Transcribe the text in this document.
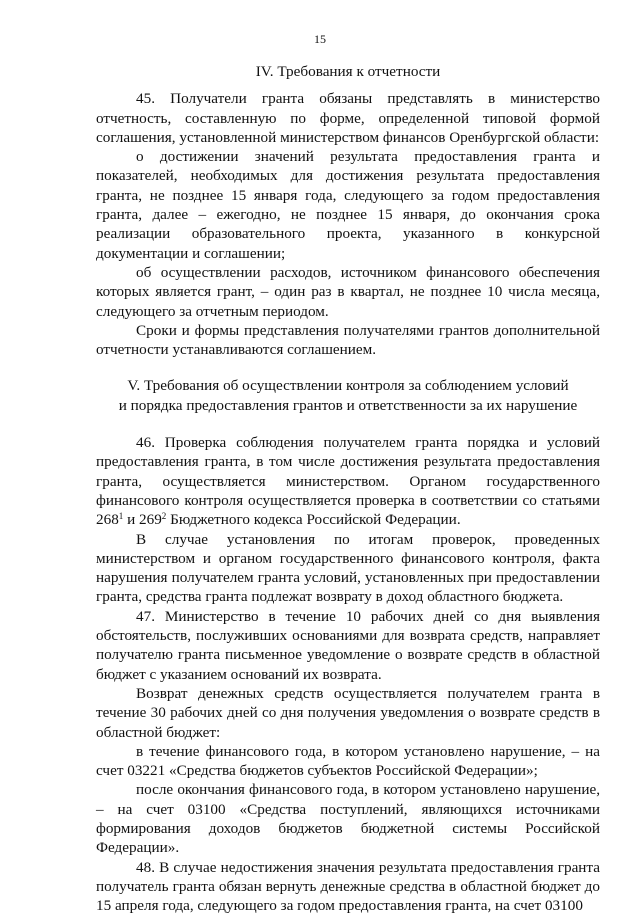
15
IV. Требования к отчетности

45. Получатели гранта обязаны представлять в министерство отчетность, составленную по форме, определенной типовой формой соглашения, установленной министерством финансов Оренбургской области:

о достижении значений результата предоставления гранта и показателей, необходимых для достижения результата предоставления гранта, не позднее 15 января года, следующего за годом предоставления гранта, далее – ежегодно, не позднее 15 января, до окончания срока реализации образовательного проекта, указанного в конкурсной документации и соглашении;

об осуществлении расходов, источником финансового обеспечения которых является грант, – один раз в квартал, не позднее 10 числа месяца, следующего за отчетным периодом.

Сроки и формы представления получателями грантов дополнительной отчетности устанавливаются соглашением.

V. Требования об осуществлении контроля за соблюдением условий
и порядка предоставления грантов и ответственности за их нарушение

46. Проверка соблюдения получателем гранта порядка и условий предоставления гранта, в том числе достижения результата предоставления гранта, осуществляется министерством. Органом государственного финансового контроля осуществляется проверка в соответствии со статьями $268^1$ и $269^2$ Бюджетного кодекса Российской Федерации.

В случае установления по итогам проверок, проведенных министерством и органом государственного финансового контроля, факта нарушения получателем гранта условий, установленных при предоставлении гранта, средства гранта подлежат возврату в доход областного бюджета.

47. Министерство в течение 10 рабочих дней со дня выявления обстоятельств, послуживших основаниями для возврата средств, направляет получателю гранта письменное уведомление о возврате средств в областной бюджет с указанием оснований их возврата.

Возврат денежных средств осуществляется получателем гранта в течение 30 рабочих дней со дня получения уведомления о возврате средств в областной бюджет:

в течение финансового года, в котором установлено нарушение, – на счет 03221 «Средства бюджетов субъектов Российской Федерации»;

после окончания финансового года, в котором установлено нарушение, – на счет 03100 «Средства поступлений, являющихся источниками формирования доходов бюджетов бюджетной системы Российской Федерации».

48. В случае недостижения значения результата предоставления гранта получатель гранта обязан вернуть денежные средства в областной бюджет до 15 апреля года, следующего за годом предоставления гранта, на счет 03100
